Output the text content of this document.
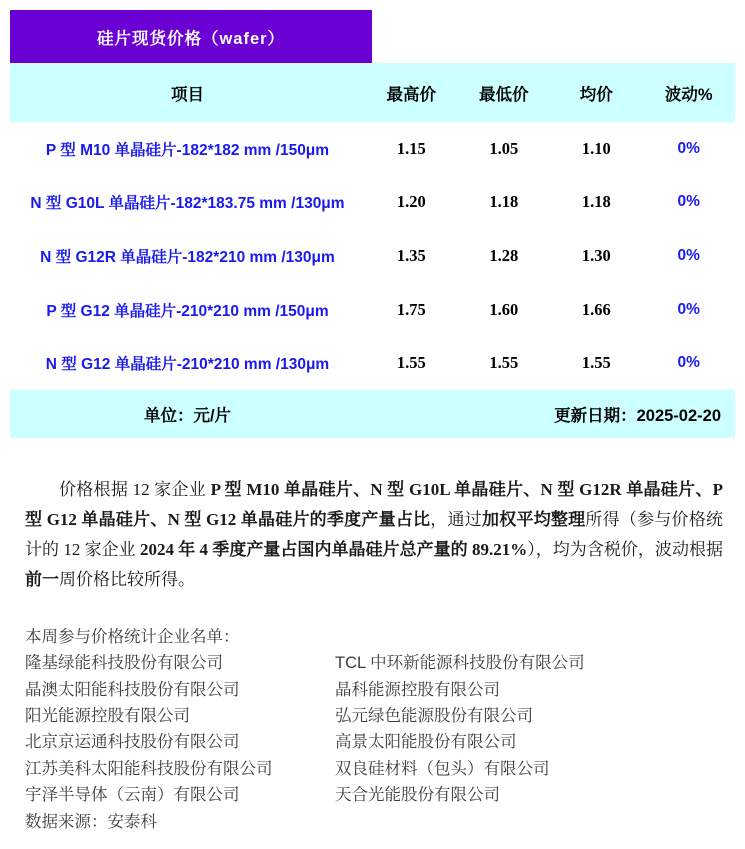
硅片现货价格（wafer）
项目	最高价	最低价	均价	波动%
P 型 M10 单晶硅片-182*182 mm /150μm	1.15	1.05	1.10	0%
N 型 G10L 单晶硅片-182*183.75 mm /130μm	1.20	1.18	1.18	0%
N 型 G12R 单晶硅片-182*210 mm /130μm	1.35	1.28	1.30	0%
P 型 G12 单晶硅片-210*210 mm /150μm	1.75	1.60	1.66	0%
N 型 G12 单晶硅片-210*210 mm /130μm	1.55	1.55	1.55	0%
单位：元/片	更新日期：2025-02-20

价格根据 12 家企业 P 型 M10 单晶硅片、N 型 G10L 单晶硅片、N 型 G12R 单晶硅片、P 型 G12 单晶硅片、N 型 G12 单晶硅片的季度产量占比，通过加权平均整理所得（参与价格统计的 12 家企业 2024 年 4 季度产量占国内单晶硅片总产量的 89.21%），均为含税价，波动根据前一周价格比较所得。

本周参与价格统计企业名单：
隆基绿能科技股份有限公司	TCL 中环新能源科技股份有限公司
晶澳太阳能科技股份有限公司	晶科能源控股有限公司
阳光能源控股有限公司	弘元绿色能源股份有限公司
北京京运通科技股份有限公司	高景太阳能股份有限公司
江苏美科太阳能科技股份有限公司	双良硅材料（包头）有限公司
宇泽半导体（云南）有限公司	天合光能股份有限公司
数据来源：安泰科
